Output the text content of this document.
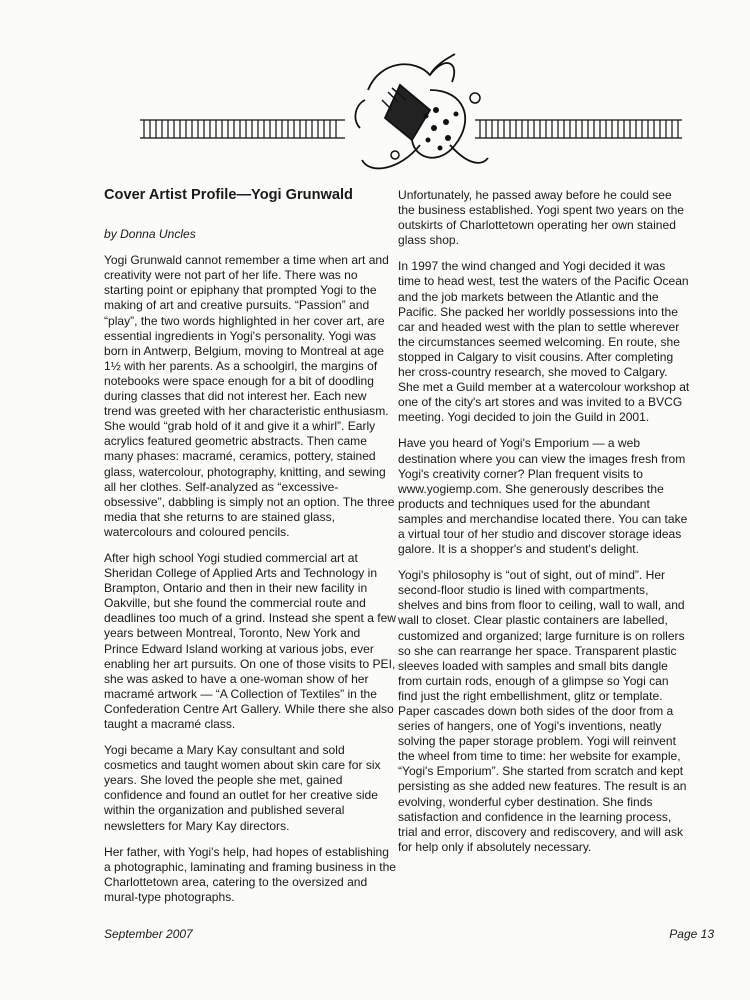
Cover Artist Profile—Yogi Grunwald
by Donna Uncles

Yogi Grunwald cannot remember a time when art and creativity were not part of her life. There was no starting point or epiphany that prompted Yogi to the making of art and creative pursuits. “Passion” and “play”, the two words highlighted in her cover art, are essential ingredients in Yogi's personality. Yogi was born in Antwerp, Belgium, moving to Montreal at age 1½ with her parents. As a schoolgirl, the margins of notebooks were space enough for a bit of doodling during classes that did not interest her. Each new trend was greeted with her characteristic enthusiasm. She would “grab hold of it and give it a whirl”. Early acrylics featured geometric abstracts. Then came many phases: macramé, ceramics, pottery, stained glass, watercolour, photography, knitting, and sewing all her clothes. Self-analyzed as “excessive-obsessive”, dabbling is simply not an option. The three media that she returns to are stained glass, watercolours and coloured pencils.

After high school Yogi studied commercial art at Sheridan College of Applied Arts and Technology in Brampton, Ontario and then in their new facility in Oakville, but she found the commercial route and deadlines too much of a grind. Instead she spent a few years between Montreal, Toronto, New York and Prince Edward Island working at various jobs, ever enabling her art pursuits. On one of those visits to PEI, she was asked to have a one-woman show of her macramé artwork — “A Collection of Textiles” in the Confederation Centre Art Gallery. While there she also taught a macramé class.

Yogi became a Mary Kay consultant and sold cosmetics and taught women about skin care for six years. She loved the people she met, gained confidence and found an outlet for her creative side within the organization and published several newsletters for Mary Kay directors.

Her father, with Yogi's help, had hopes of establishing a photographic, laminating and framing business in the Charlottetown area, catering to the oversized and mural-type photographs.

Unfortunately, he passed away before he could see the business established. Yogi spent two years on the outskirts of Charlottetown operating her own stained glass shop.

In 1997 the wind changed and Yogi decided it was time to head west, test the waters of the Pacific Ocean and the job markets between the Atlantic and the Pacific. She packed her worldly possessions into the car and headed west with the plan to settle wherever the circumstances seemed welcoming. En route, she stopped in Calgary to visit cousins. After completing her cross-country research, she moved to Calgary. She met a Guild member at a watercolour workshop at one of the city's art stores and was invited to a BVCG meeting. Yogi decided to join the Guild in 2001.

Have you heard of Yogi's Emporium — a web destination where you can view the images fresh from Yogi's creativity corner? Plan frequent visits to www.yogiemp.com. She generously describes the products and techniques used for the abundant samples and merchandise located there. You can take a virtual tour of her studio and discover storage ideas galore. It is a shopper's and student's delight.

Yogi's philosophy is “out of sight, out of mind”. Her second-floor studio is lined with compartments, shelves and bins from floor to ceiling, wall to wall, and wall to closet. Clear plastic containers are labelled, customized and organized; large furniture is on rollers so she can rearrange her space. Transparent plastic sleeves loaded with samples and small bits dangle from curtain rods, enough of a glimpse so Yogi can find just the right embellishment, glitz or template. Paper cascades down both sides of the door from a series of hangers, one of Yogi's inventions, neatly solving the paper storage problem. Yogi will reinvent the wheel from time to time: her website for example, “Yogi's Emporium”. She started from scratch and kept persisting as she added new features. The result is an evolving, wonderful cyber destination. She finds satisfaction and confidence in the learning process, trial and error, discovery and rediscovery, and will ask for help only if absolutely necessary.

September 2007	Page 13
